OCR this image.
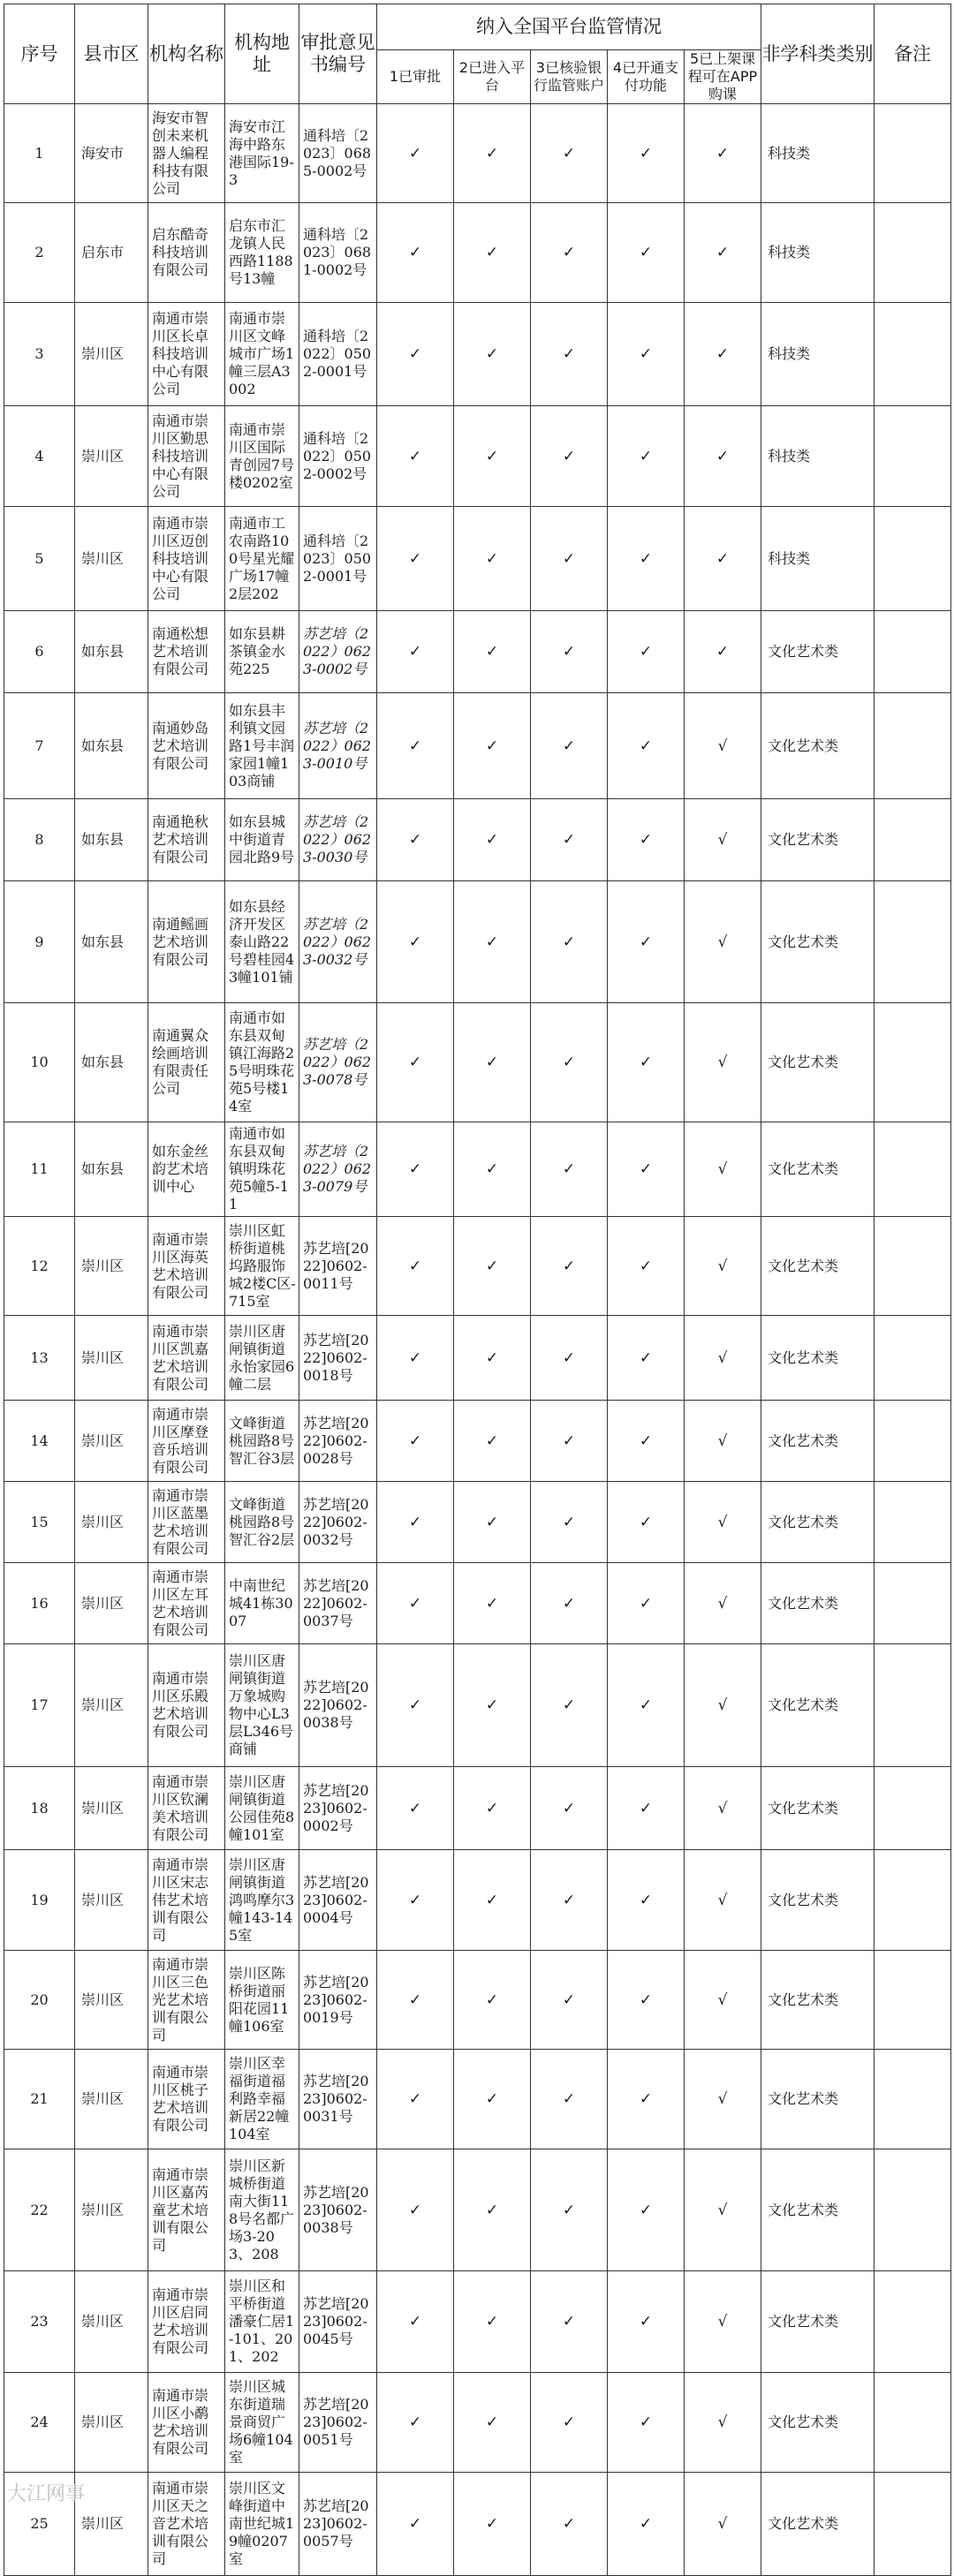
序号	县市区	机构名称	机构地址	审批意见书编号	纳入全国平台监管情况					非学科类类别	备注
					1已审批	2已进入平台	3已核验银行监管账户	4已开通支付功能	5已上架课程可在APP购课		
1	海安市	海安市智创未来机器人编程科技有限公司	海安市江海中路东港国际19-3	通科培〔2023〕0685-0002号	✓	✓	✓	✓	✓	科技类	
2	启东市	启东酷奇科技培训有限公司	启东市汇龙镇人民西路1188号13幢	通科培〔2023〕0681-0002号	✓	✓	✓	✓	✓	科技类	
3	崇川区	南通市崇川区长卓科技培训中心有限公司	南通市崇川区文峰城市广场1幢三层A3002	通科培〔2022〕0502-0001号	✓	✓	✓	✓	✓	科技类	
4	崇川区	南通市崇川区勤思科技培训中心有限公司	南通市崇川区国际青创园7号楼0202室	通科培〔2022〕0502-0002号	✓	✓	✓	✓	✓	科技类	
5	崇川区	南通市崇川区迈创科技培训中心有限公司	南通市工农南路100号星光耀广场17幢2层202	通科培〔2023〕0502-0001号	✓	✓	✓	✓	✓	科技类	
6	如东县	南通松想艺术培训有限公司	如东县耕茶镇金水苑225	苏艺培（2022）0623-0002号	✓	✓	✓	✓	✓	文化艺术类	
7	如东县	南通妙岛艺术培训有限公司	如东县丰利镇文园路1号丰润家园1幢103商铺	苏艺培（2022）0623-0010号	✓	✓	✓	✓	√	文化艺术类	
8	如东县	南通艳秋艺术培训有限公司	如东县城中街道青园北路9号	苏艺培（2022）0623-0030号	✓	✓	✓	✓	√	文化艺术类	
9	如东县	南通鳐画艺术培训有限公司	如东县经济开发区泰山路22号碧桂园43幢101铺	苏艺培（2022）0623-0032号	✓	✓	✓	✓	√	文化艺术类	
10	如东县	南通翼众绘画培训有限责任公司	南通市如东县双甸镇江海路25号明珠花苑5号楼14室	苏艺培（2022）0623-0078号	✓	✓	✓	✓	√	文化艺术类	
11	如东县	如东金丝韵艺术培训中心	南通市如东县双甸镇明珠花苑5幢5-11	苏艺培（2022）0623-0079号	✓	✓	✓	✓	√	文化艺术类	
12	崇川区	南通市崇川区海英艺术培训有限公司	崇川区虹桥街道桃坞路服饰城2楼C区-715室	苏艺培[2022]0602-0011号	✓	✓	✓	✓	√	文化艺术类	
13	崇川区	南通市崇川区凯嘉艺术培训有限公司	崇川区唐闸镇街道永怡家园6幢二层	苏艺培[2022]0602-0018号	✓	✓	✓	✓	√	文化艺术类	
14	崇川区	南通市崇川区摩登音乐培训有限公司	文峰街道桃园路8号智汇谷3层	苏艺培[2022]0602-0028号	✓	✓	✓	✓	√	文化艺术类	
15	崇川区	南通市崇川区蓝墨艺术培训有限公司	文峰街道桃园路8号智汇谷2层	苏艺培[2022]0602-0032号	✓	✓	✓	✓	√	文化艺术类	
16	崇川区	南通市崇川区左耳艺术培训有限公司	中南世纪城41栋3007	苏艺培[2022]0602-0037号	✓	✓	✓	✓	√	文化艺术类	
17	崇川区	南通市崇川区乐殿艺术培训有限公司	崇川区唐闸镇街道万象城购物中心L3层L346号商铺	苏艺培[2022]0602-0038号	✓	✓	✓	✓	√	文化艺术类	
18	崇川区	南通市崇川区钦澜美术培训有限公司	崇川区唐闸镇街道公园佳苑8幢101室	苏艺培[2023]0602-0002号	✓	✓	✓	✓	√	文化艺术类	
19	崇川区	南通市崇川区宋志伟艺术培训有限公司	崇川区唐闸镇街道鸿鸣摩尔3幢143-145室	苏艺培[2023]0602-0004号	✓	✓	✓	✓	√	文化艺术类	
20	崇川区	南通市崇川区三色光艺术培训有限公司	崇川区陈桥街道丽阳花园11幢106室	苏艺培[2023]0602-0019号	✓	✓	✓	✓	√	文化艺术类	
21	崇川区	南通市崇川区桃子艺术培训有限公司	崇川区幸福街道福利路幸福新居22幢104室	苏艺培[2023]0602-0031号	✓	✓	✓	✓	√	文化艺术类	
22	崇川区	南通市崇川区嘉芮童艺术培训有限公司	崇川区新城桥街道南大街118号名都广场3-203、208	苏艺培[2023]0602-0038号	✓	✓	✓	✓	√	文化艺术类	
23	崇川区	南通市崇川区启同艺术培训有限公司	崇川区和平桥街道潘豪仁居1-101、201、202	苏艺培[2023]0602-0045号	✓	✓	✓	✓	√	文化艺术类	
24	崇川区	南通市崇川区小鹬艺术培训有限公司	崇川区城东街道瑞景商贸广场6幢104室	苏艺培[2023]0602-0051号	✓	✓	✓	✓	√	文化艺术类	
25	崇川区	南通市崇川区天之音艺术培训有限公司	崇川区文峰街道中南世纪城19幢0207室	苏艺培[2023]0602-0057号	✓	✓	✓	✓	√	文化艺术类	
大江网事
